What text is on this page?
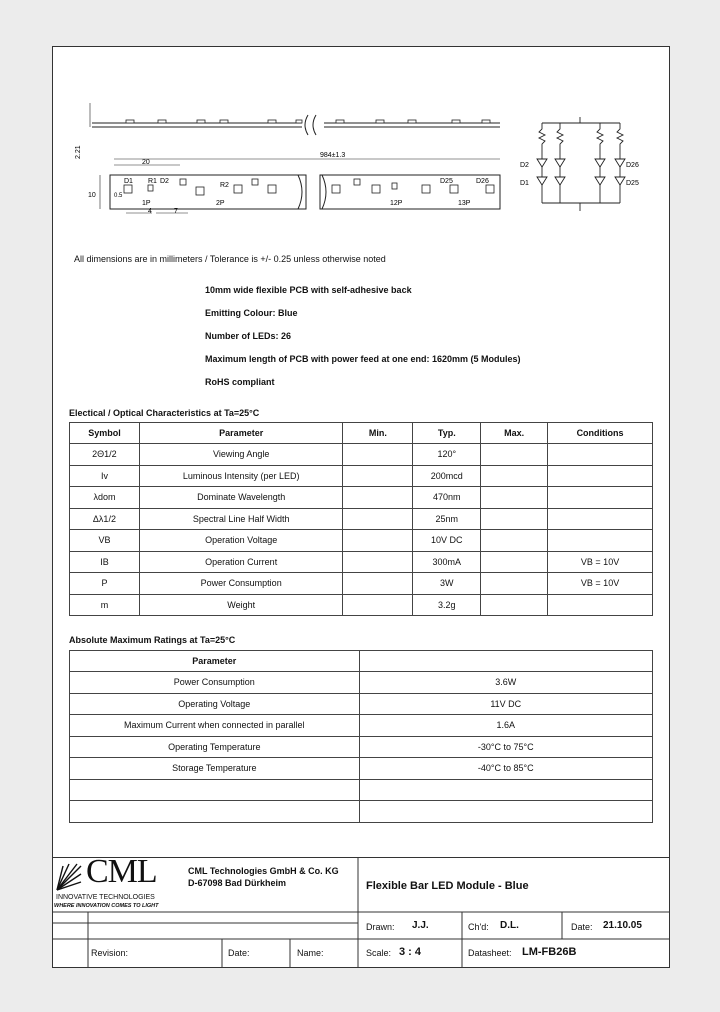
2.21	984±1.3
20
10
D1 R1 D2
R2
D25	D26
1P	2P	12P	13P
0.5
4	7
D2
D1
D26
D25
All dimensions are in millimeters / Tolerance is +/- 0.25 unless otherwise noted
10mm wide flexible PCB with self-adhesive back
Emitting Colour: Blue
Number of LEDs: 26
Maximum length of PCB with power feed at one end: 1620mm (5 Modules)
RoHS compliant
Electical / Optical Characteristics at Ta=25°C
Symbol	Parameter	Min.	Typ.	Max.	Conditions
2Θ1/2	Viewing Angle		120°		
Iv	Luminous Intensity (per LED)		200mcd		
λdom	Dominate Wavelength		470nm		
Δλ1/2	Spectral Line Half Width		25nm		
VB	Operation Voltage		10V DC		
IB	Operation Current		300mA		VB = 10V
P	Power Consumption		3W		VB = 10V
m	Weight		3.2g		
Absolute Maximum Ratings at Ta=25°C
Parameter	
Power Consumption	3.6W
Operating Voltage	11V DC
Maximum Current when connected in parallel	1.6A
Operating Temperature	-30°C to 75°C
Storage Temperature	-40°C to 85°C

CML
INNOVATIVE TECHNOLOGIES
WHERE INNOVATION COMES TO LIGHT
CML Technologies GmbH & Co. KG
D-67098 Bad Dürkheim	Flexible Bar LED Module - Blue
Drawn: J.J.	Ch'd: D.L.	Date: 21.10.05
Revision:	Date:	Name:	Scale: 3 : 4	Datasheet: LM-FB26B
